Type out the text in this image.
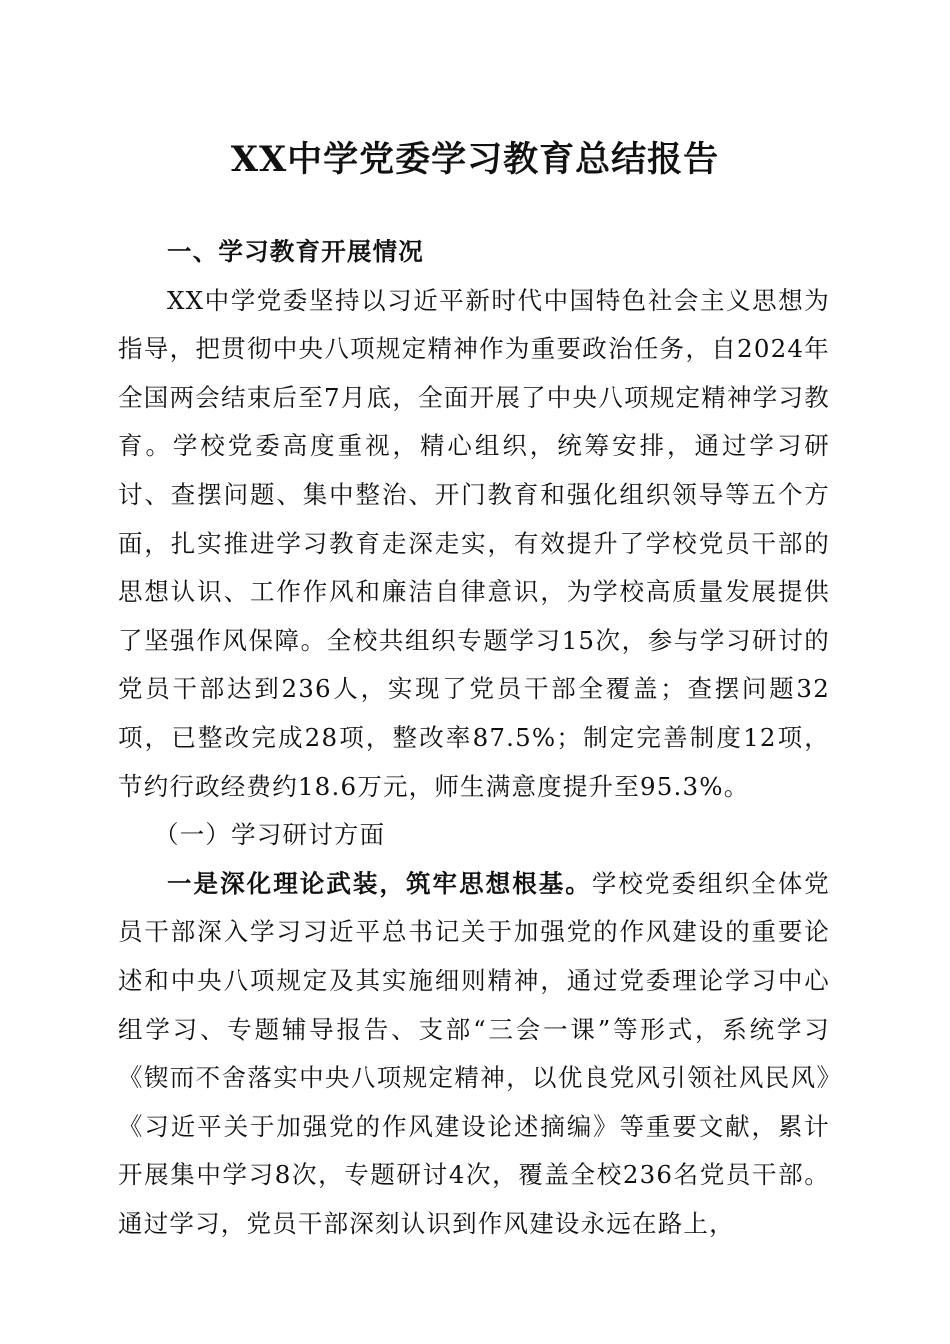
XX中学党委学习教育总结报告

一、学习教育开展情况

XX中学党委坚持以习近平新时代中国特色社会主义思想为指导，把贯彻中央八项规定精神作为重要政治任务，自2024年全国两会结束后至7月底，全面开展了中央八项规定精神学习教育。学校党委高度重视，精心组织，统筹安排，通过学习研讨、查摆问题、集中整治、开门教育和强化组织领导等五个方面，扎实推进学习教育走深走实，有效提升了学校党员干部的思想认识、工作作风和廉洁自律意识，为学校高质量发展提供了坚强作风保障。全校共组织专题学习15次，参与学习研讨的党员干部达到236人，实现了党员干部全覆盖；查摆问题32项，已整改完成28项，整改率87.5%；制定完善制度12项，节约行政经费约18.6万元，师生满意度提升至95.3%。

（一）学习研讨方面

一是深化理论武装，筑牢思想根基。学校党委组织全体党员干部深入学习习近平总书记关于加强党的作风建设的重要论述和中央八项规定及其实施细则精神，通过党委理论学习中心组学习、专题辅导报告、支部“三会一课”等形式，系统学习《锲而不舍落实中央八项规定精神，以优良党风引领社风民风》《习近平关于加强党的作风建设论述摘编》等重要文献，累计开展集中学习8次，专题研讨4次，覆盖全校236名党员干部。通过学习，党员干部深刻认识到作风建设永远在路上，
